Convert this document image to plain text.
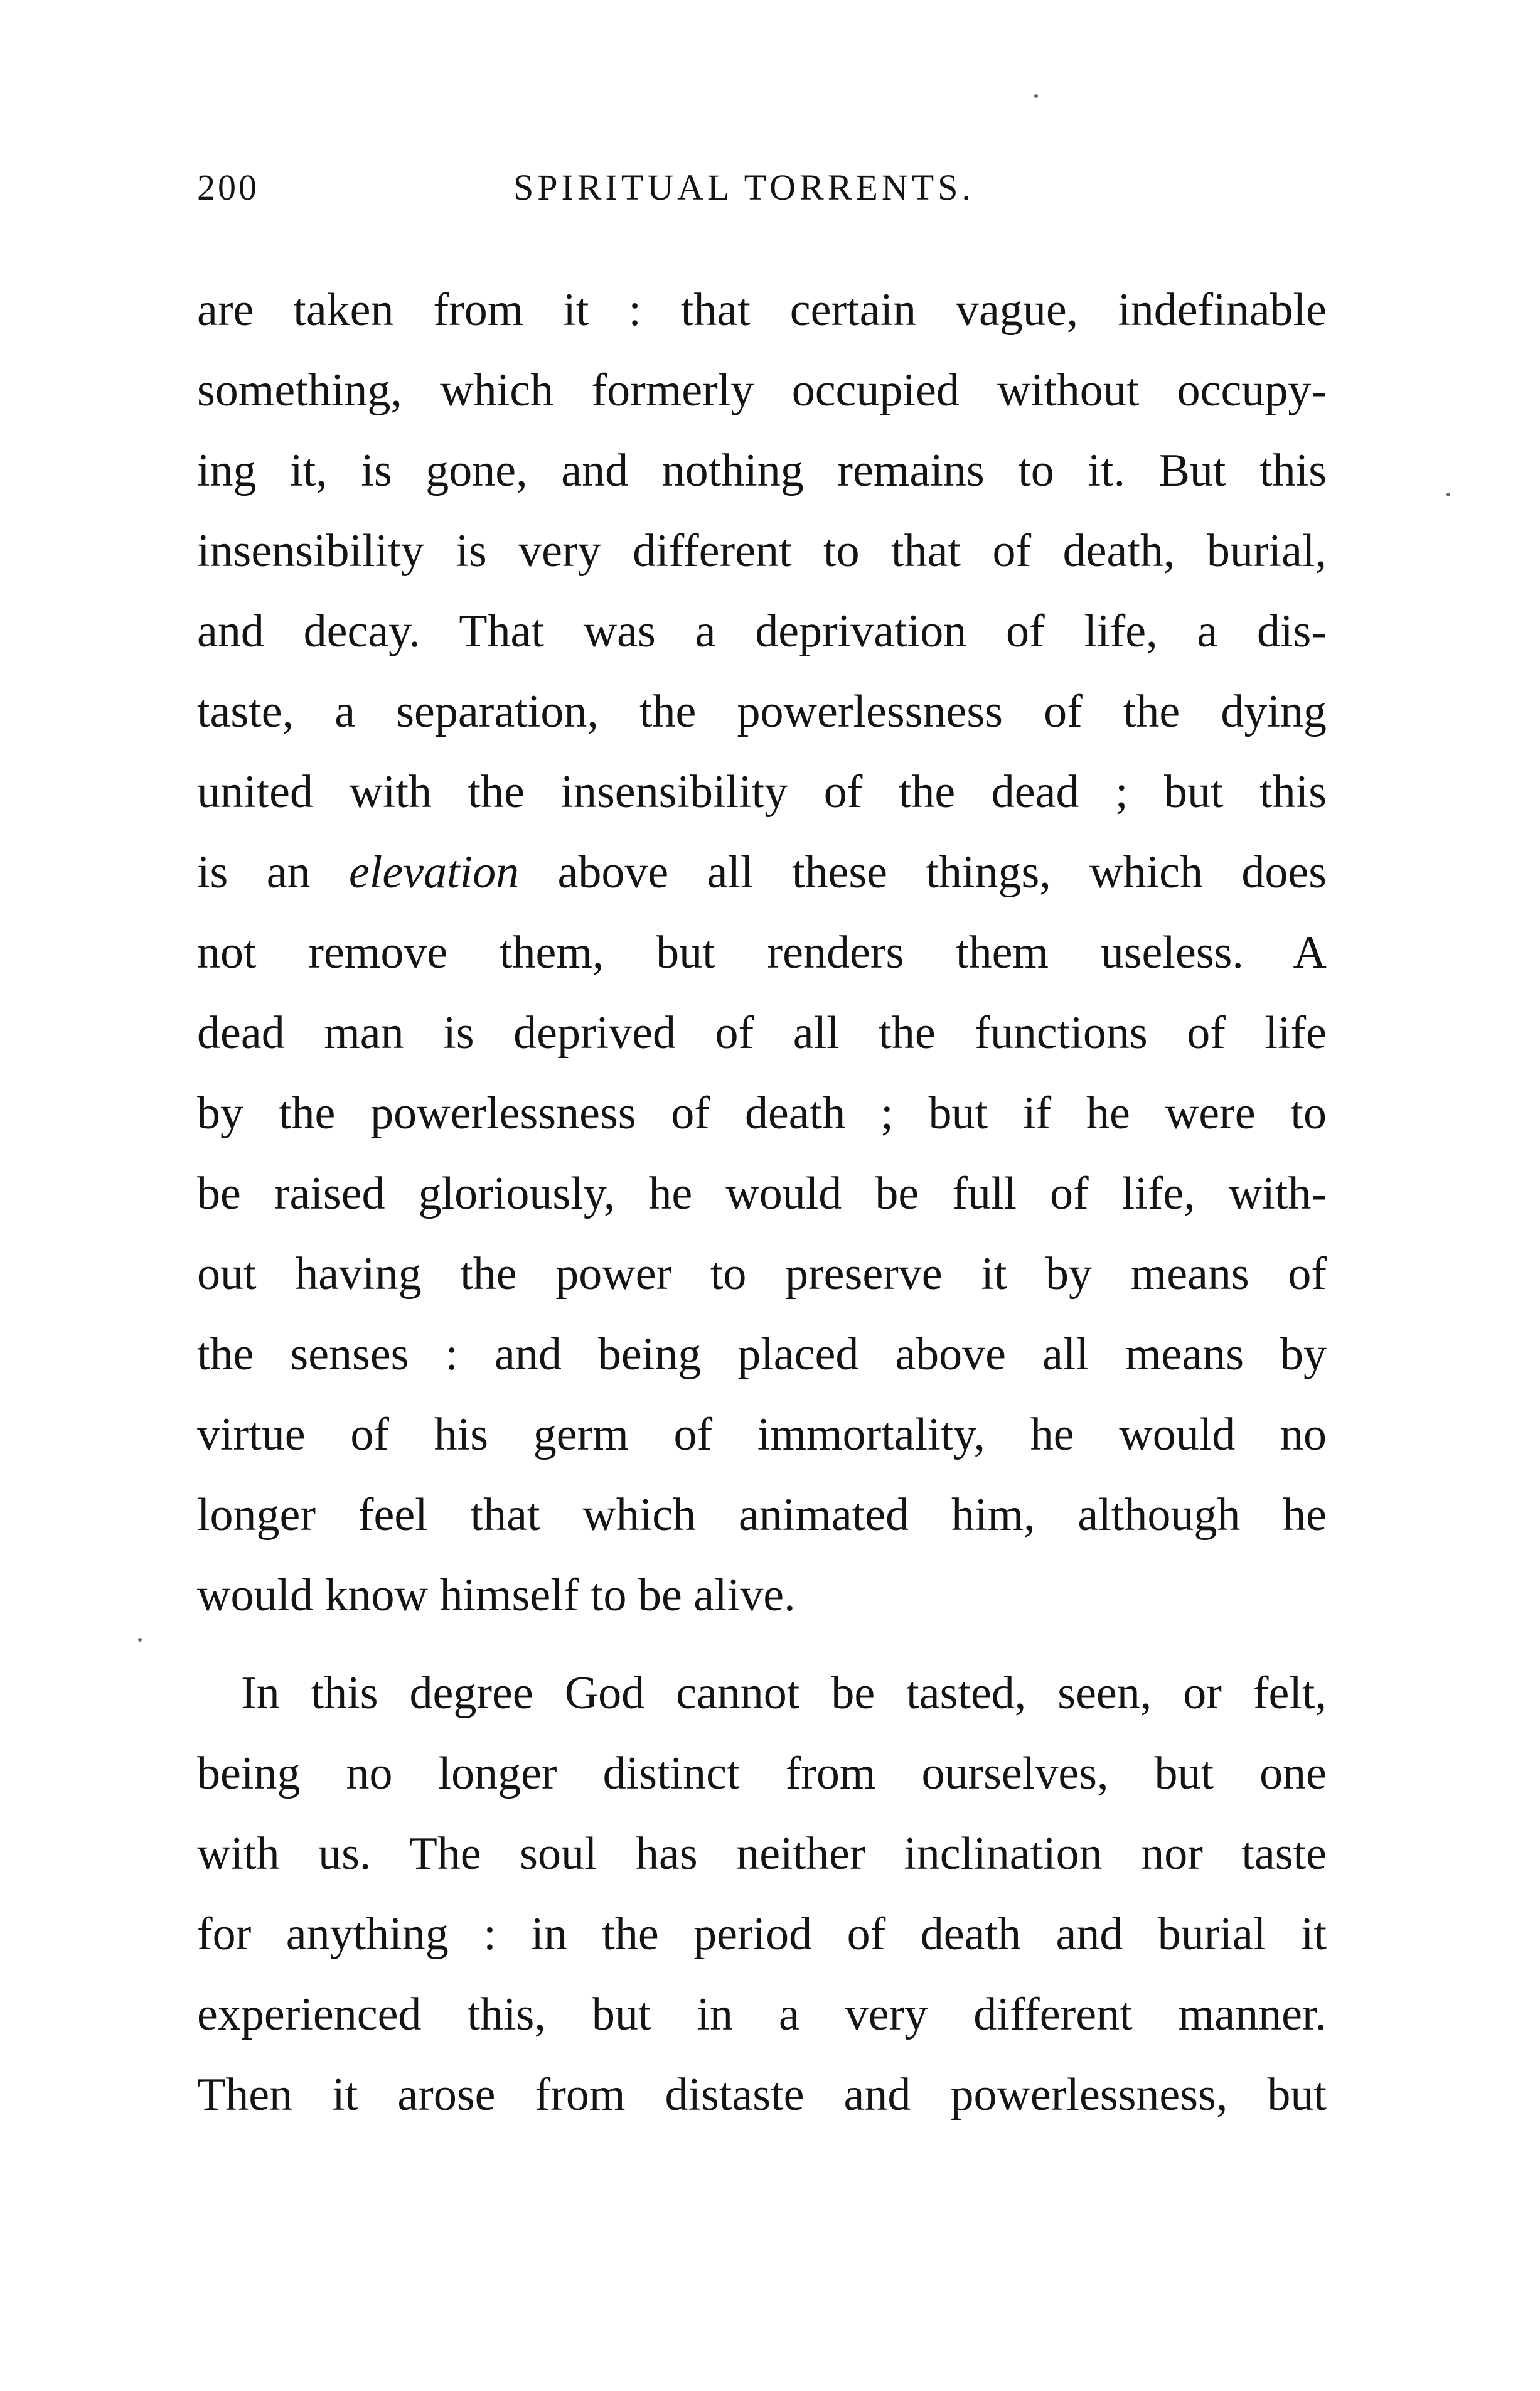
200	SPIRITUAL TORRENTS.
are taken from it : that certain vague, indefinable
something, which formerly occupied without occupy-
ing it, is gone, and nothing remains to it. But this
insensibility is very different to that of death, burial,
and decay. That was a deprivation of life, a dis-
taste, a separation, the powerlessness of the dying
united with the insensibility of the dead ; but this
is an elevation above all these things, which does
not remove them, but renders them useless. A
dead man is deprived of all the functions of life
by the powerlessness of death ; but if he were to
be raised gloriously, he would be full of life, with-
out having the power to preserve it by means of
the senses : and being placed above all means by
virtue of his germ of immortality, he would no
longer feel that which animated him, although he
would know himself to be alive.
In this degree God cannot be tasted, seen, or felt,
being no longer distinct from ourselves, but one
with us. The soul has neither inclination nor taste
for anything : in the period of death and burial it
experienced this, but in a very different manner.
Then it arose from distaste and powerlessness, but
